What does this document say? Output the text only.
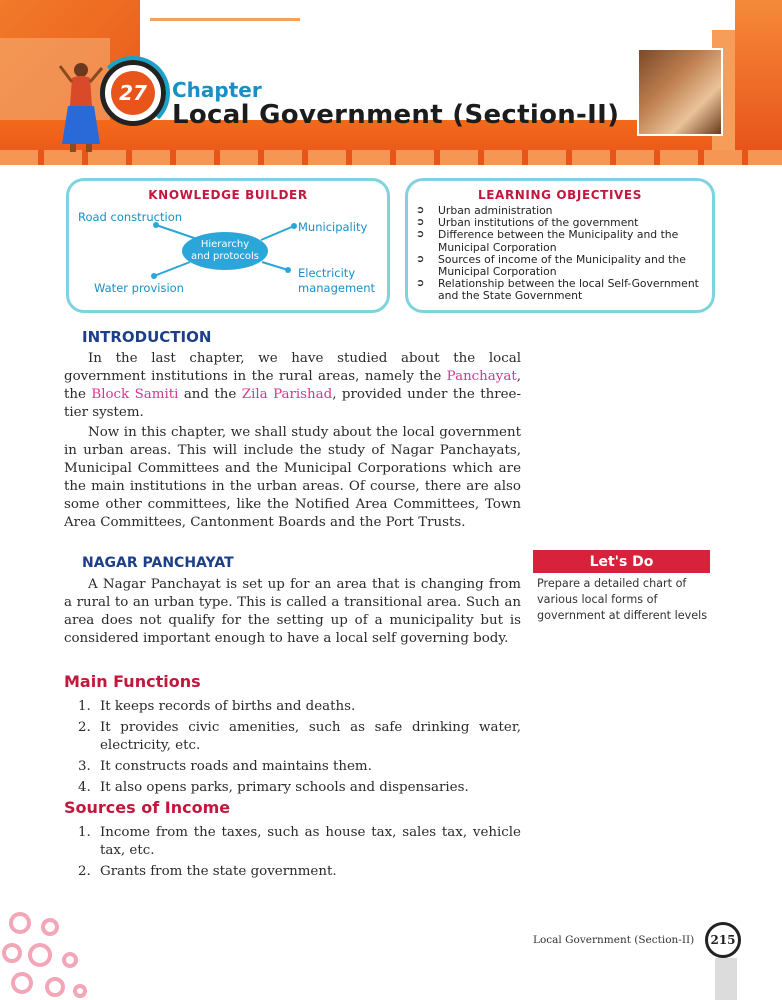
27	Chapter
Local Government (Section-II)
KNOWLEDGE BUILDER
Road construction
Municipality
Water provision
Electricity
management
Hierarchy
and protocols
LEARNING OBJECTIVES
➲ Urban administration
➲ Urban institutions of the government
➲ Difference between the Municipality and the Municipal Corporation
➲ Sources of income of the Municipality and the Municipal Corporation
➲ Relationship between the local Self-Government and the State Government
INTRODUCTION
In the last chapter, we have studied about the local government institutions in the rural areas, namely the Panchayat, the Block Samiti and the Zila Parishad, provided under the three-tier system.
Now in this chapter, we shall study about the local government in urban areas. This will include the study of Nagar Panchayats, Municipal Committees and the Municipal Corporations which are the main institutions in the urban areas. Of course, there are also some other committees, like the Notified Area Committees, Town Area Committees, Cantonment Boards and the Port Trusts.
NAGAR PANCHAYAT
A Nagar Panchayat is set up for an area that is changing from a rural to an urban type. This is called a transitional area. Such an area does not qualify for the setting up of a municipality but is considered important enough to have a local self governing body.
Let's Do
Prepare a detailed chart of various local forms of government at different levels
Main Functions
1. It keeps records of births and deaths.
2. It provides civic amenities, such as safe drinking water, electricity, etc.
3. It constructs roads and maintains them.
4. It also opens parks, primary schools and dispensaries.
Sources of Income
1. Income from the taxes, such as house tax, sales tax, vehicle tax, etc.
2. Grants from the state government.
Local Government (Section-II)	215
